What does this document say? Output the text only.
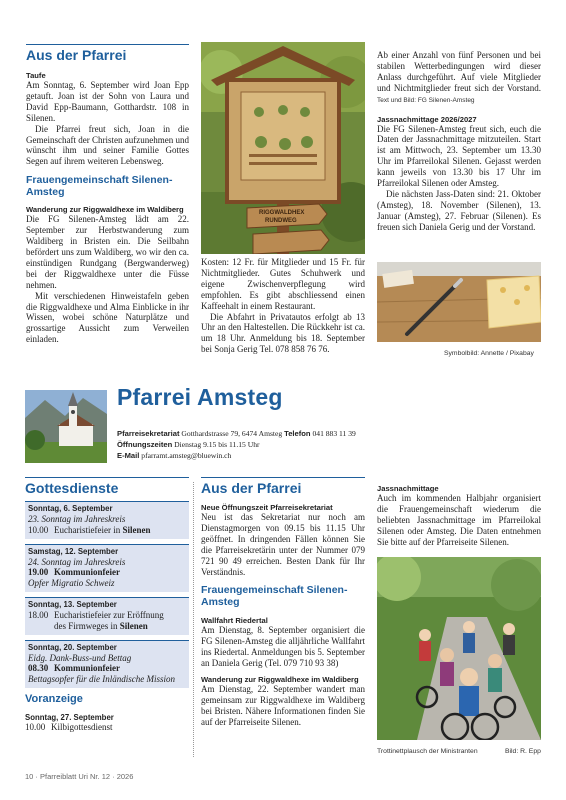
Aus der Pfarrei
Taufe

Am Sonntag, 6. September wird Joan Epp getauft. Joan ist der Sohn von Laura und David Epp-Baumann, Gotthardstr. 108 in Silenen.

Die Pfarrei freut sich, Joan in die Gemeinschaft der Christen aufzunehmen und wünscht ihm und seiner Familie Gottes Segen auf ihrem weiteren Lebensweg.

Frauengemeinschaft Silenen-Amsteg
Wanderung zur Riggwaldhexe im Waldiberg

Die FG Silenen-Amsteg lädt am 22. September zur Herbstwanderung zum Waldiberg in Bristen ein. Die Seilbahn befördert uns zum Waldiberg, wo wir den ca. einstündigen Rundgang (Bergwanderweg) bei der Riggwaldhexe unter die Füsse nehmen.

Mit verschiedenen Hinweistafeln geben die Riggwaldhexe und Alma Einblicke in ihr Wissen, wobei schöne Naturplätze und grossartige Aussicht zum Verweilen einladen.

RIGGWALDHEX
RUNDWEG

Kosten: 12 Fr. für Mitglieder und 15 Fr. für Nichtmitglieder. Gutes Schuhwerk und eigene Zwischenverpflegung wird empfohlen. Es gibt abschliessend einen Kaffeehalt in einem Restaurant.

Die Abfahrt in Privatautos erfolgt ab 13 Uhr an den Haltestellen. Die Rückkehr ist ca. um 18 Uhr. Anmeldung bis 18. September bei Sonja Gerig Tel. 078 858 76 76.

Ab einer Anzahl von fünf Personen und bei stabilen Wetterbedingungen wird dieser Anlass durchgeführt. Auf viele Mitglieder und Nichtmitglieder freut sich der Vorstand. Text und Bild: FG Silenen-Amsteg

Jassnachmittage 2026/2027

Die FG Silenen-Amsteg freut sich, euch die Daten der Jassnachmittage mitzuteilen. Start ist am Mittwoch, 23. September um 13.30 Uhr im Pfarreilokal Silenen. Gejasst werden kann jeweils von 13.30 bis 17 Uhr im Pfarreilokal Silenen oder Amsteg.

Die nächsten Jass-Daten sind: 21. Oktober (Amsteg), 18. November (Silenen), 13. Januar (Amsteg), 27. Februar (Silenen). Es freuen sich Daniela Gerig und der Vorstand.

Symbolbild: Annette / Pixabay
Pfarrei Amsteg
Pfarreisekretariat Gotthardstrasse 79, 6474 Amsteg Telefon 041 883 11 39
Öffnungszeiten Dienstag 9.15 bis 11.15 Uhr
E-Mail pfarramt.amsteg@bluewin.ch
Gottesdienste

Sonntag, 6. September

23. Sonntag im Jahreskreis

10.00 Eucharistiefeier in Silenen

Samstag, 12. September

24. Sonntag im Jahreskreis

19.00 Kommunionfeier

Opfer Migratio Schweiz

Sonntag, 13. September

18.00 Eucharistiefeier zur Eröffnung

des Firmweges in Silenen

Sonntag, 20. September

Eidg. Dank-Buss-und Bettag

08.30 Kommunionfeier

Bettagsopfer für die Inländische Mission

Voranzeige

Sonntag, 27. September

10.00 Kilbigottesdienst

Aus der Pfarrei
Neue Öffnungszeit Pfarreisekretariat

Neu ist das Sekretariat nur noch am Dienstagmorgen von 09.15 bis 11.15 Uhr geöffnet. In dringenden Fällen können Sie die Pfarreisekretärin unter der Nummer 079 721 90 49 erreichen. Besten Dank für Ihr Verständnis.

Frauengemeinschaft Silenen-Amsteg
Wallfahrt Riedertal

Am Dienstag, 8. September organisiert die FG Silenen-Amsteg die alljährliche Wallfahrt ins Riedertal. Anmeldungen bis 5. September an Daniela Gerig (Tel. 079 710 93 38)

Wanderung zur Riggwaldhexe im Waldiberg

Am Dienstag, 22. September wandert man gemeinsam zur Riggwaldhexe im Waldiberg bei Bristen. Nähere Informationen finden Sie auf der Pfarreiseite Silenen.

Jassnachmittage

Auch im kommenden Halbjahr organisiert die Frauengemeinschaft wiederum die beliebten Jassnachmittage im Pfarreilokal Silenen oder Amsteg. Die Daten entnehmen Sie bitte auf der Pfarreiseite Silenen.

Trottinettplausch der Ministranten	Bild: R. Epp
10 · Pfarreiblatt Uri Nr. 12 · 2026
